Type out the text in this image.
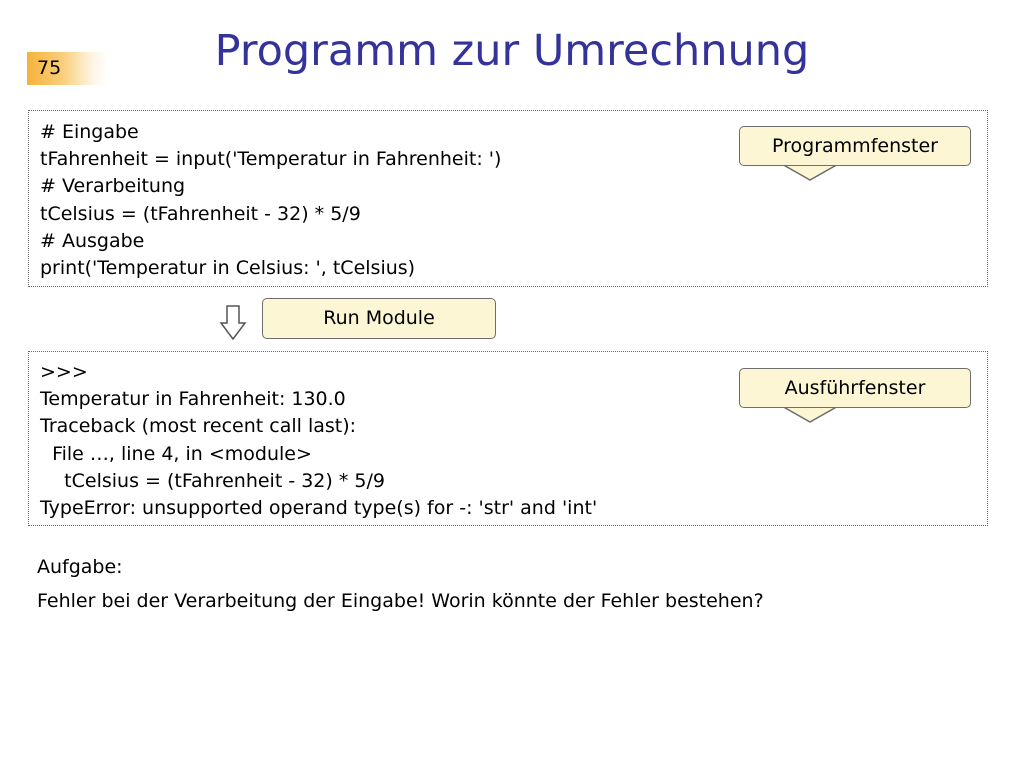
75	Programm zur Umrechnung
# Eingabe
tFahrenheit = input('Temperatur in Fahrenheit: ')
# Verarbeitung
tCelsius = (tFahrenheit - 32) * 5/9
# Ausgabe
print('Temperatur in Celsius: ', tCelsius)
Programmfenster
Run Module
>>>
Temperatur in Fahrenheit: 130.0
Traceback (most recent call last):
File …, line 4, in <module>
tCelsius = (tFahrenheit - 32) * 5/9
TypeError: unsupported operand type(s) for -: 'str' and 'int'
Ausführfenster
Aufgabe:
Fehler bei der Verarbeitung der Eingabe! Worin könnte der Fehler bestehen?
